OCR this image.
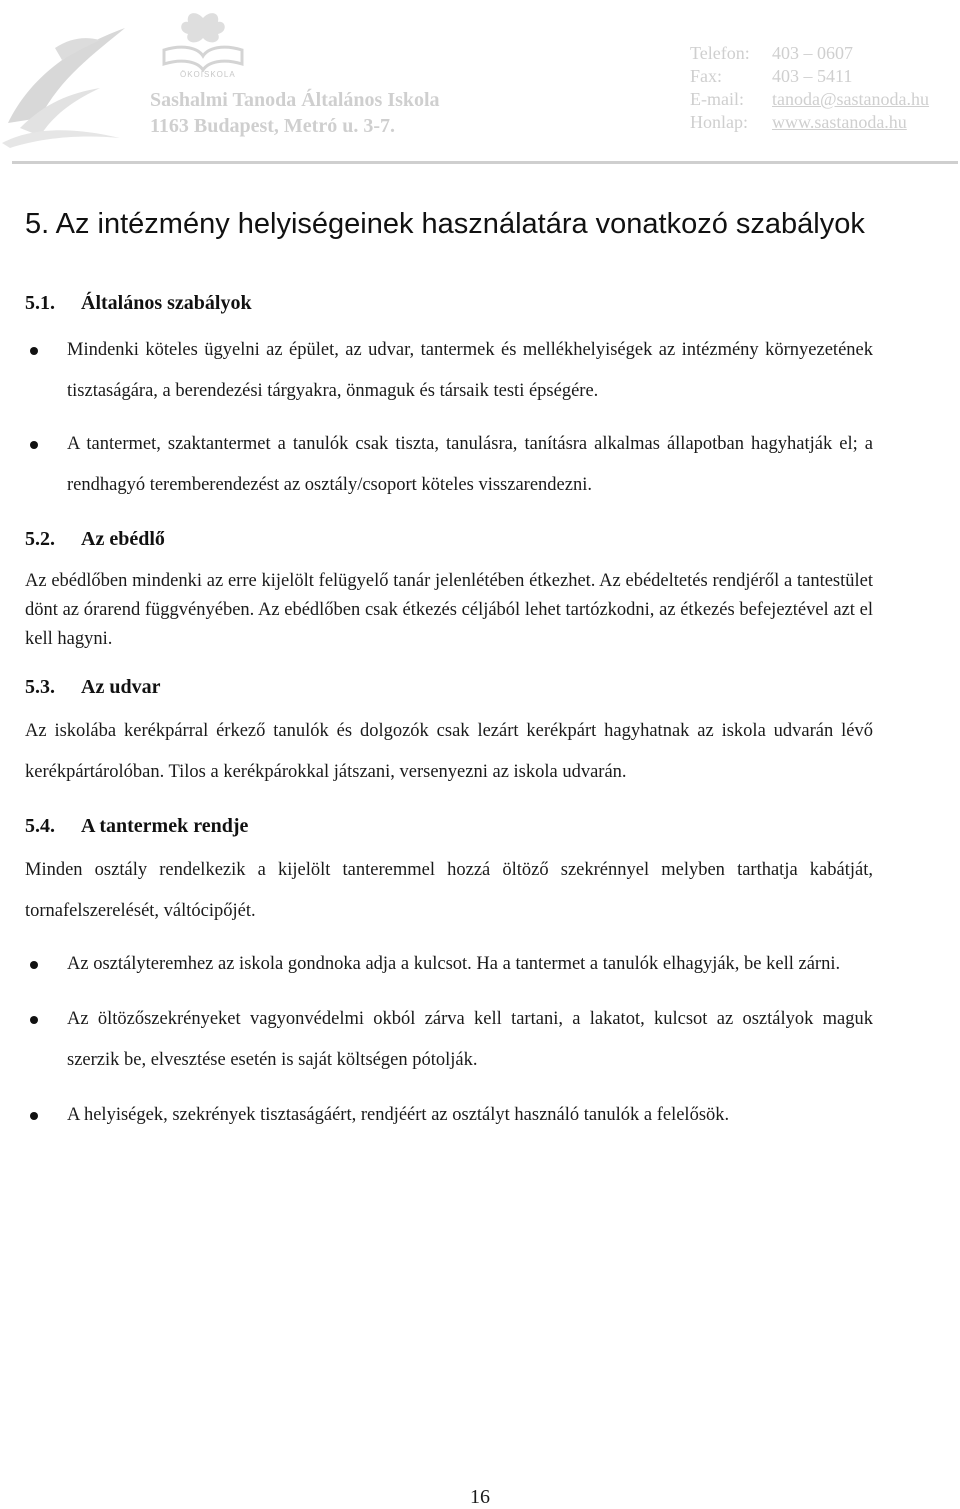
ÖKOISKOLA
Sashalmi Tanoda Általános Iskola
1163 Budapest, Metró u. 3-7.
Telefon: 403 – 0607
Fax:	403 – 5411
E-mail: tanoda@sastanoda.hu
Honlap: www.sastanoda.hu
5. Az intézmény helyiségeinek használatára vonatkozó szabályok
5.1. Általános szabályok
Mindenki köteles ügyelni az épület, az udvar, tantermek és mellékhelyiségek az intézmény környezetének tisztaságára, a berendezési tárgyakra, önmaguk és társaik testi épségére.
A tantermet, szaktantermet a tanulók csak tiszta, tanulásra, tanításra alkalmas állapotban hagyhatják el; a rendhagyó teremberendezést az osztály/csoport köteles visszarendezni.
5.2. Az ebédlő

Az ebédlőben mindenki az erre kijelölt felügyelő tanár jelenlétében étkezhet. Az ebédeltetés rendjéről a tantestület dönt az órarend függvényében. Az ebédlőben csak étkezés céljából lehet tartózkodni, az étkezés befejeztével azt el kell hagyni.

5.3. Az udvar

Az iskolába kerékpárral érkező tanulók és dolgozók csak lezárt kerékpárt hagyhatnak az iskola udvarán lévő kerékpártárolóban. Tilos a kerékpárokkal játszani, versenyezni az iskola udvarán.

5.4. A tantermek rendje

Minden osztály rendelkezik a kijelölt tanteremmel hozzá öltöző szekrénnyel melyben tarthatja kabátját, tornafelszerelését, váltócipőjét.

Az osztályteremhez az iskola gondnoka adja a kulcsot. Ha a tantermet a tanulók elhagyják, be kell zárni.
Az öltözőszekrényeket vagyonvédelmi okból zárva kell tartani, a lakatot, kulcsot az osztályok maguk szerzik be, elvesztése esetén is saját költségen pótolják.
A helyiségek, szekrények tisztaságáért, rendjéért az osztályt használó tanulók a felelősök.
16
